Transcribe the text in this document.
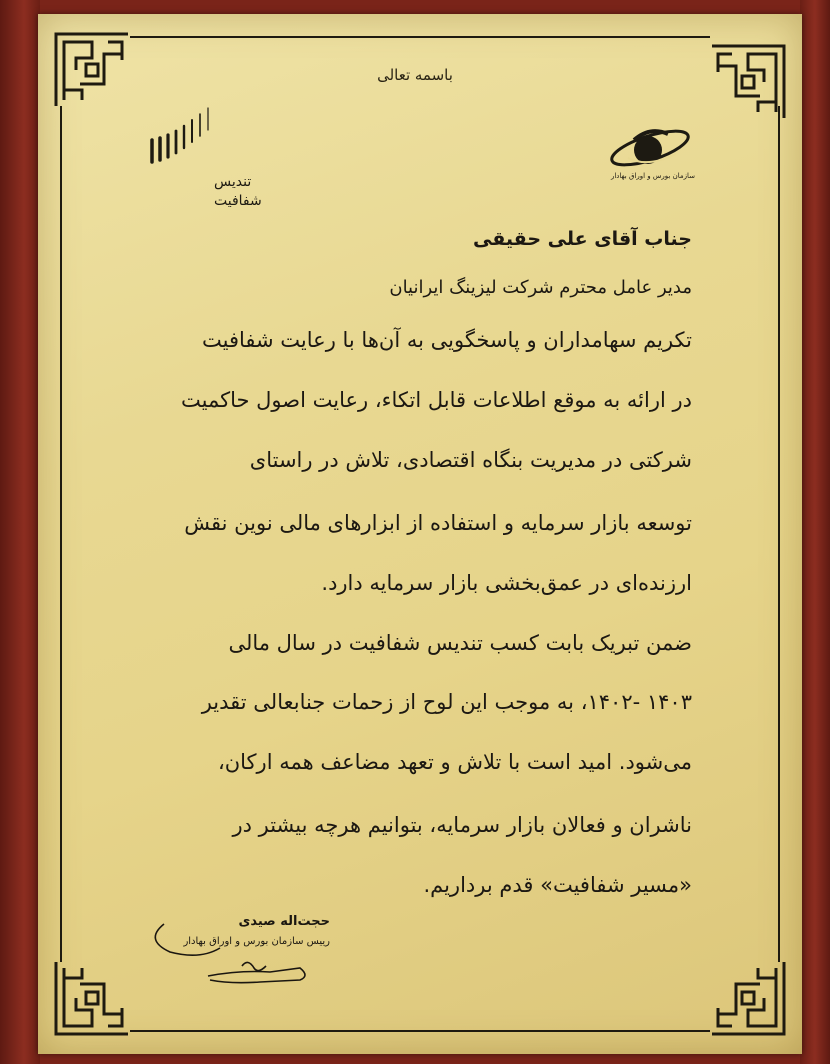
باسمه تعالی
تندیس
شفافیت
سازمان بورس و اوراق بهادار
جناب آقای علی حقیقی
مدیر عامل محترم شرکت لیزینگ ایرانیان
تکریم سهامداران و پاسخگویی به آن‌ها با رعایت شفافیت
در ارائه به موقع اطلاعات قابل اتکاء، رعایت اصول حاکمیت
شرکتی در مدیریت بنگاه اقتصادی، تلاش در راستای
توسعه بازار سرمایه و استفاده از ابزارهای مالی نوین نقش
ارزنده‌ای در عمق‌بخشی بازار سرمایه دارد.
ضمن تبریک بابت کسب تندیس شفافیت در سال مالی
۱۴۰۳ -۱۴۰۲، به موجب این لوح از زحمات جنابعالی تقدیر
می‌شود. امید است با تلاش و تعهد مضاعف همه ارکان،
ناشران و فعالان بازار سرمایه، بتوانیم هرچه بیشتر در
«مسیر شفافیت» قدم برداریم.
حجت‌اله صیدی
رییس سازمان بورس و اوراق بهادار
